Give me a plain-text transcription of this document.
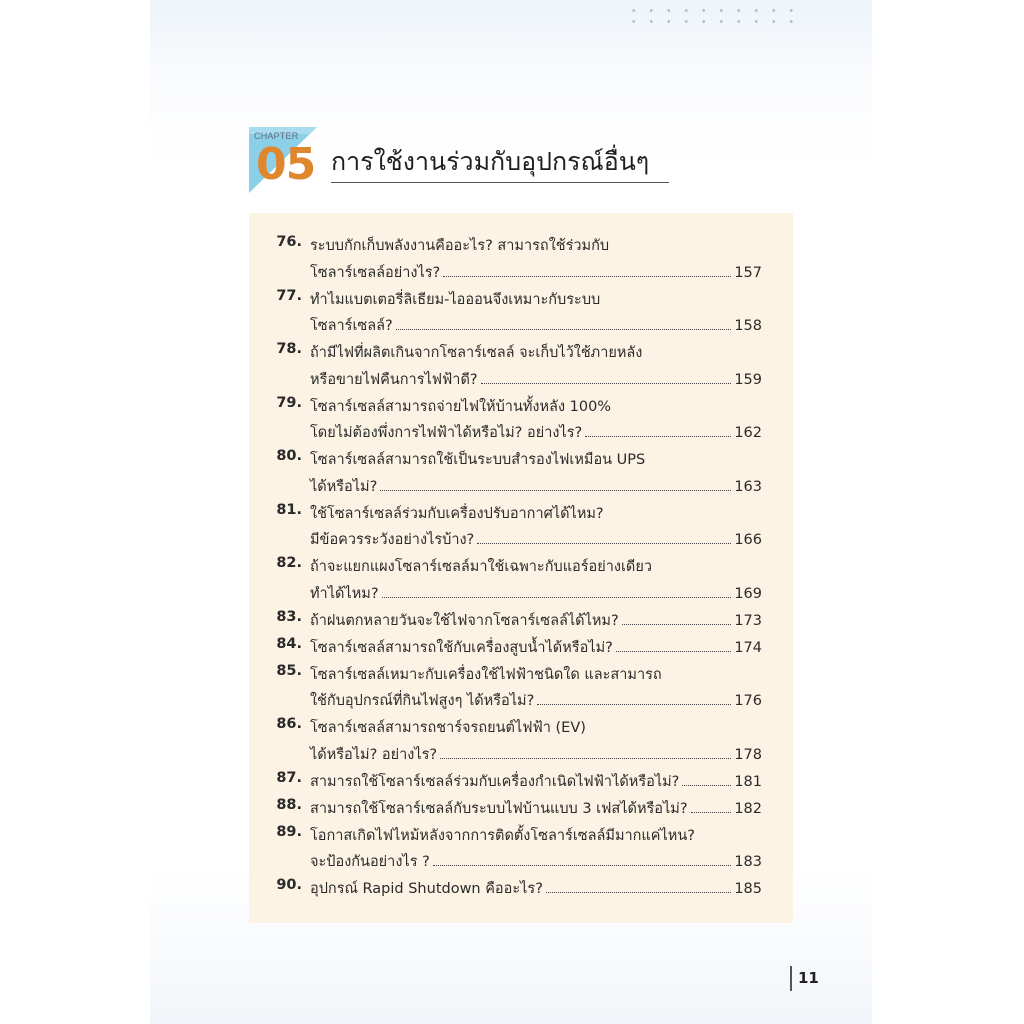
CHAPTER
05 การใช้งานร่วมกับอุปกรณ์อื่นๆ
76. ระบบกักเก็บพลังงานคืออะไร? สามารถใช้ร่วมกับ
โซลาร์เซลล์อย่างไร?	157
77. ทำไมแบตเตอรี่ลิเธียม-ไอออนจึงเหมาะกับระบบ
โซลาร์เซลล์?	158
78. ถ้ามีไฟที่ผลิตเกินจากโซลาร์เซลล์ จะเก็บไว้ใช้ภายหลัง
หรือขายไฟคืนการไฟฟ้าดี?	159
79. โซลาร์เซลล์สามารถจ่ายไฟให้บ้านทั้งหลัง 100%
โดยไม่ต้องพึ่งการไฟฟ้าได้หรือไม่? อย่างไร?	162
80. โซลาร์เซลล์สามารถใช้เป็นระบบสำรองไฟเหมือน UPS
ได้หรือไม่?	163
81. ใช้โซลาร์เซลล์ร่วมกับเครื่องปรับอากาศได้ไหม?
มีข้อควรระวังอย่างไรบ้าง?	166
82. ถ้าจะแยกแผงโซลาร์เซลล์มาใช้เฉพาะกับแอร์อย่างเดียว
ทำได้ไหม?	169
83. ถ้าฝนตกหลายวันจะใช้ไฟจากโซลาร์เซลล์ได้ไหม?	173
84. โซลาร์เซลล์สามารถใช้กับเครื่องสูบน้ำได้หรือไม่?	174
85. โซลาร์เซลล์เหมาะกับเครื่องใช้ไฟฟ้าชนิดใด และสามารถ
ใช้กับอุปกรณ์ที่กินไฟสูงๆ ได้หรือไม่?	176
86. โซลาร์เซลล์สามารถชาร์จรถยนต์ไฟฟ้า (EV)
ได้หรือไม่? อย่างไร?	178
87. สามารถใช้โซลาร์เซลล์ร่วมกับเครื่องกำเนิดไฟฟ้าได้หรือไม่?	181
88. สามารถใช้โซลาร์เซลล์กับระบบไฟบ้านแบบ 3 เฟสได้หรือไม่?	182
89. โอกาสเกิดไฟไหม้หลังจากการติดตั้งโซลาร์เซลล์มีมากแค่ไหน?
จะป้องกันอย่างไร ?	183
90. อุปกรณ์ Rapid Shutdown คืออะไร?	185
11
